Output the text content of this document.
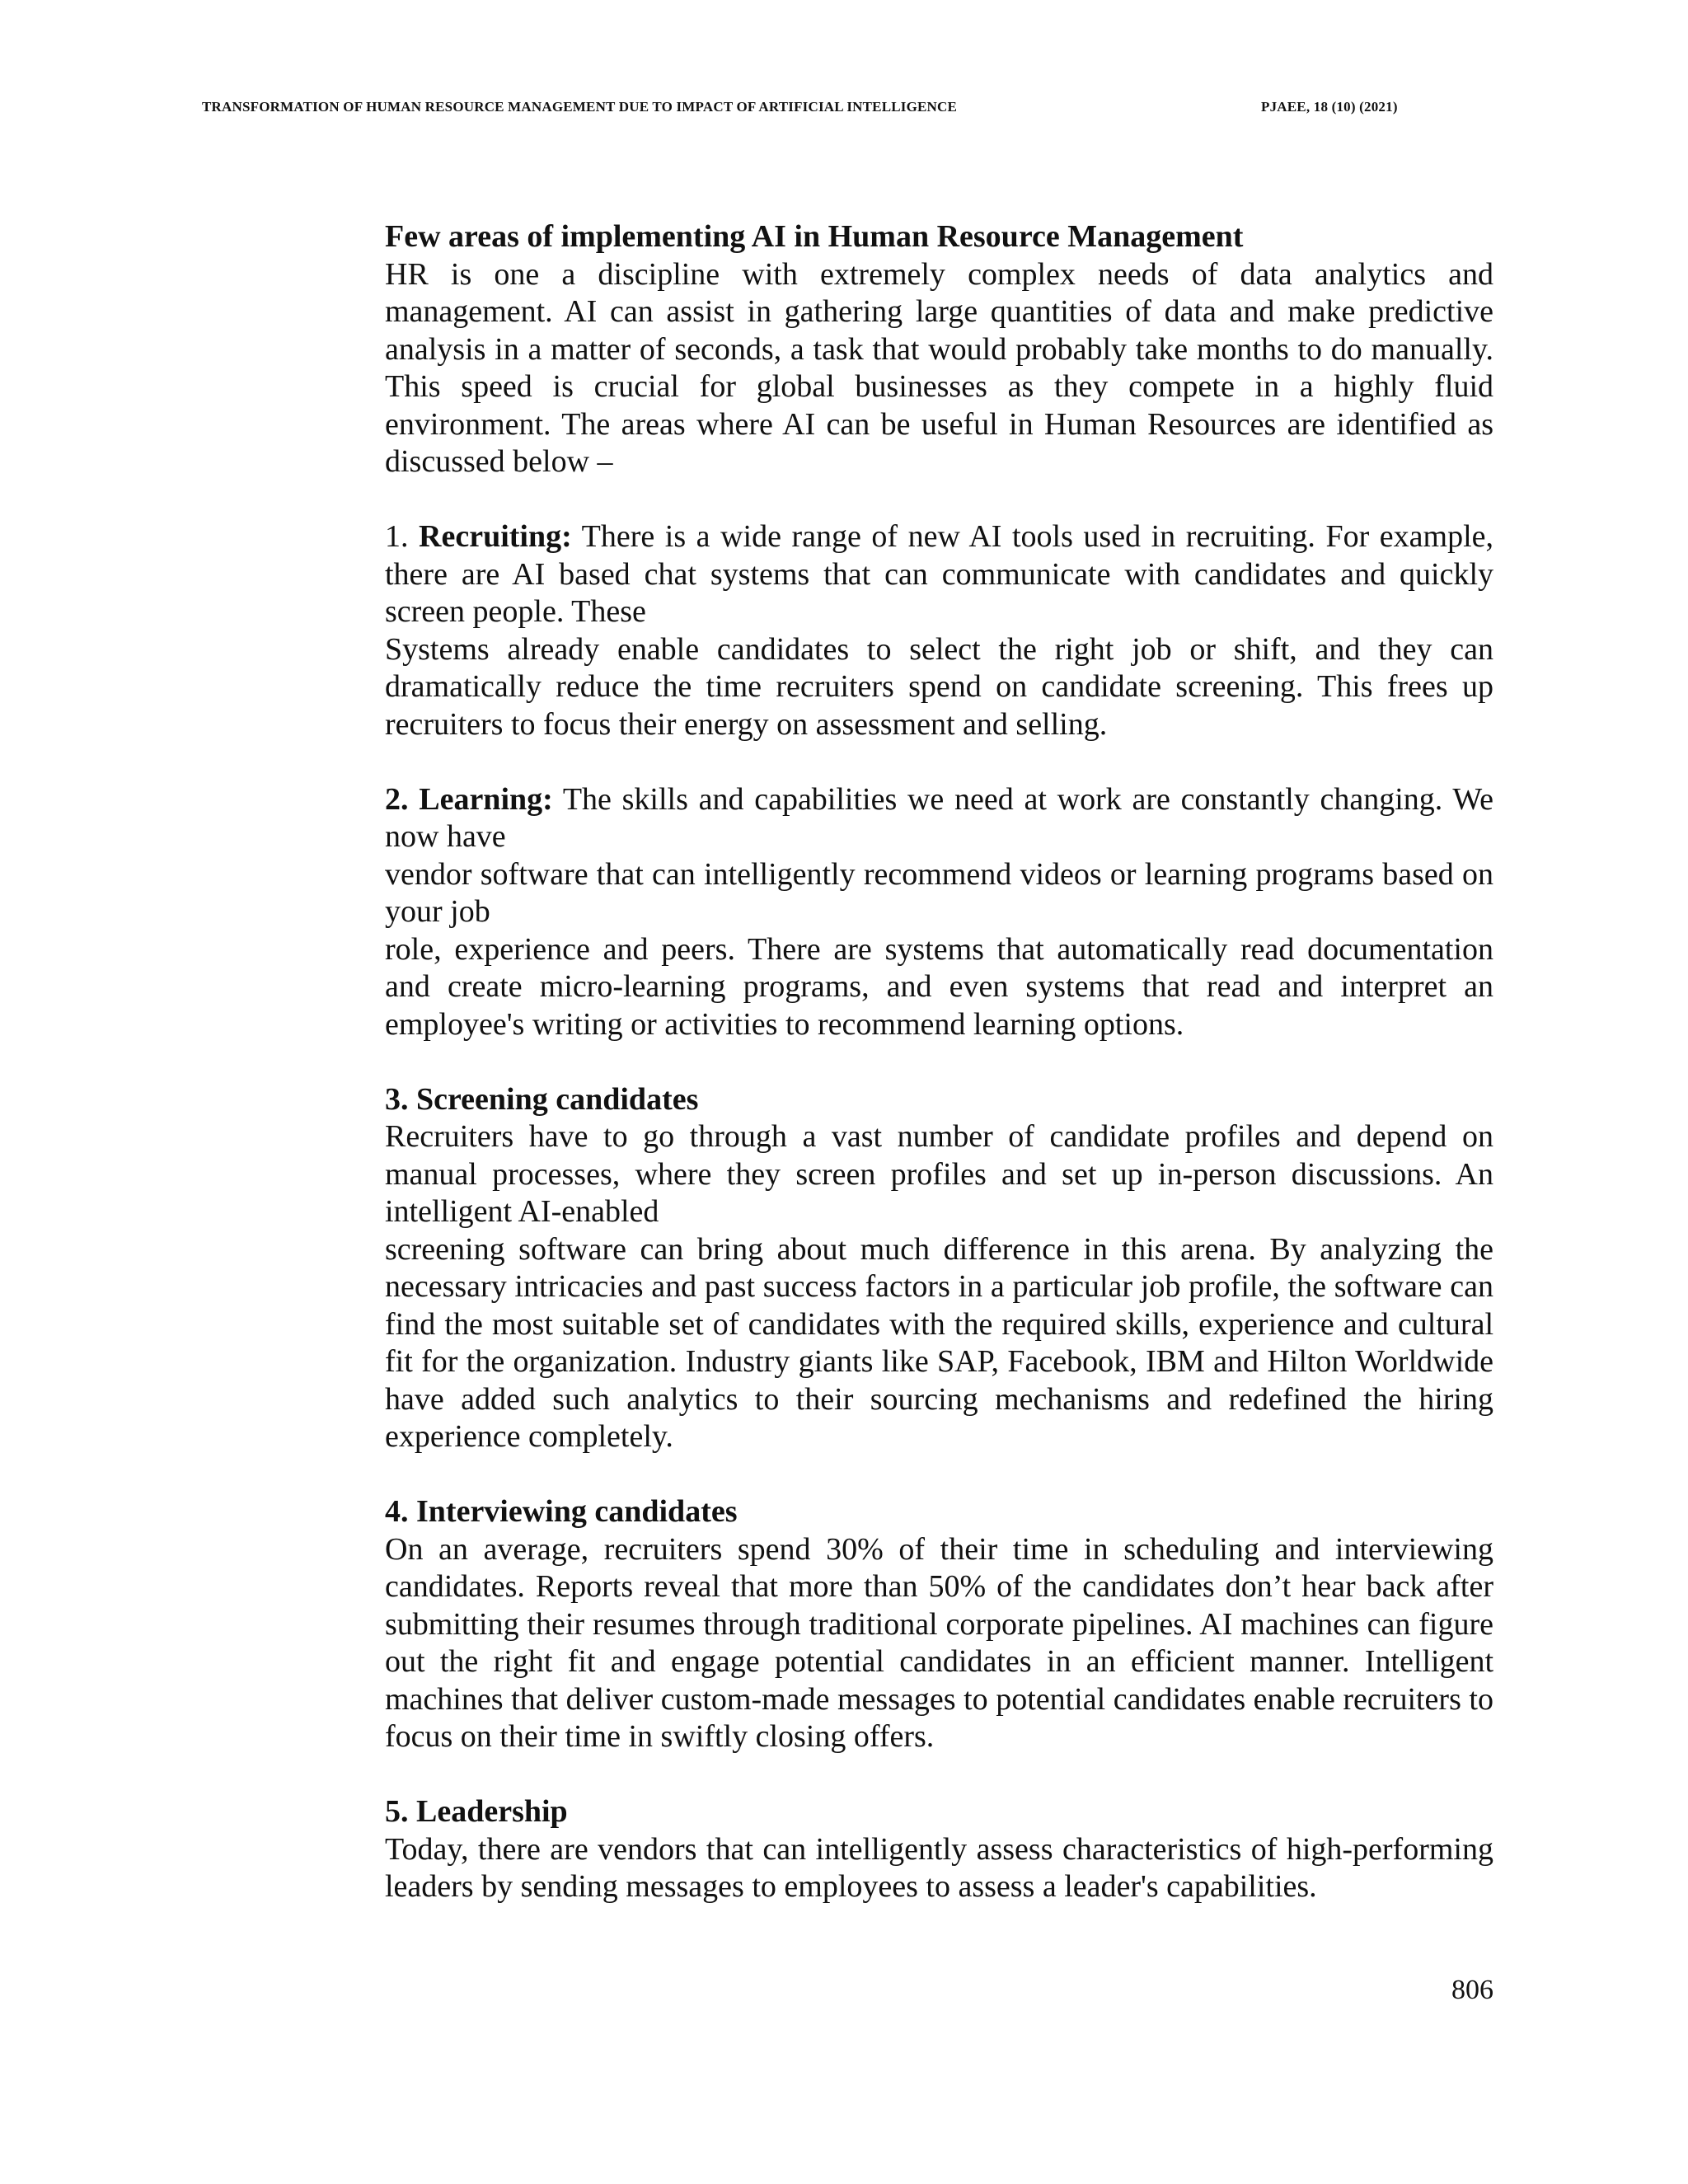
TRANSFORMATION OF HUMAN RESOURCE MANAGEMENT DUE TO IMPACT OF ARTIFICIAL INTELLIGENCE	PJAEE, 18 (10) (2021)

Few areas of implementing AI in Human Resource Management

HR is one a discipline with extremely complex needs of data analytics and management. AI can assist in gathering large quantities of data and make predictive analysis in a matter of seconds, a task that would probably take months to do manually. This speed is crucial for global businesses as they compete in a highly fluid environment. The areas where AI can be useful in Human Resources are identified as discussed below –

1. Recruiting: There is a wide range of new AI tools used in recruiting. For example, there are AI based chat systems that can communicate with candidates and quickly screen people. These

Systems already enable candidates to select the right job or shift, and they can dramatically reduce the time recruiters spend on candidate screening. This frees up recruiters to focus their energy on assessment and selling.

2. Learning: The skills and capabilities we need at work are constantly changing. We now have

vendor software that can intelligently recommend videos or learning programs based on your job

role, experience and peers. There are systems that automatically read documentation and create micro-learning programs, and even systems that read and interpret an employee's writing or activities to recommend learning options.

3. Screening candidates

Recruiters have to go through a vast number of candidate profiles and depend on manual processes, where they screen profiles and set up in-person discussions. An intelligent AI-enabled

screening software can bring about much difference in this arena. By analyzing the necessary intricacies and past success factors in a particular job profile, the software can find the most suitable set of candidates with the required skills, experience and cultural fit for the organization. Industry giants like SAP, Facebook, IBM and Hilton Worldwide have added such analytics to their sourcing mechanisms and redefined the hiring experience completely.

4. Interviewing candidates

On an average, recruiters spend 30% of their time in scheduling and interviewing candidates. Reports reveal that more than 50% of the candidates don’t hear back after submitting their resumes through traditional corporate pipelines. AI machines can figure out the right fit and engage potential candidates in an efficient manner. Intelligent machines that deliver custom-made messages to potential candidates enable recruiters to focus on their time in swiftly closing offers.

5. Leadership

Today, there are vendors that can intelligently assess characteristics of high-performing leaders by sending messages to employees to assess a leader's capabilities.

806
